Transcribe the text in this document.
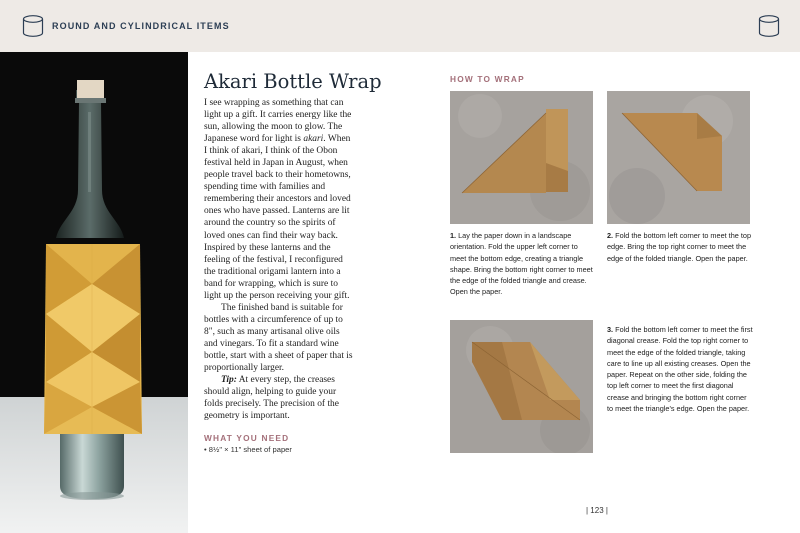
ROUND AND CYLINDRICAL ITEMS
Akari Bottle Wrap

I see wrapping as something that can light up a gift. It carries energy like the sun, allowing the moon to glow. The Japanese word for light is akari. When I think of akari, I think of the Obon festival held in Japan in August, when people travel back to their hometowns, spending time with families and remembering their ancestors and loved ones who have passed. Lanterns are lit around the country so the spirits of loved ones can find their way back. Inspired by these lanterns and the feeling of the festival, I reconfigured the traditional origami lantern into a band for wrapping, which is sure to light up the person receiving your gift.

The finished band is suitable for bottles with a circumference of up to 8", such as many artisanal olive oils and vinegars. To fit a standard wine bottle, start with a sheet of paper that is proportionally larger.

Tip: At every step, the creases should align, helping to guide your folds precisely. The precision of the geometry is important.

WHAT YOU NEED
• 8½" × 11" sheet of paper
HOW TO WRAP
1. Lay the paper down in a landscape orientation. Fold the upper left corner to meet the bottom edge, creating a triangle shape. Bring the bottom right corner to meet the edge of the folded triangle and crease. Open the paper.
2. Fold the bottom left corner to meet the top edge. Bring the top right corner to meet the edge of the folded triangle. Open the paper.
3. Fold the bottom left corner to meet the first diagonal crease. Fold the top right corner to meet the edge of the folded triangle, taking care to line up all existing creases. Open the paper. Repeat on the other side, folding the top left corner to meet the first diagonal crease and bringing the bottom right corner to meet the triangle's edge. Open the paper.
| 123 |
